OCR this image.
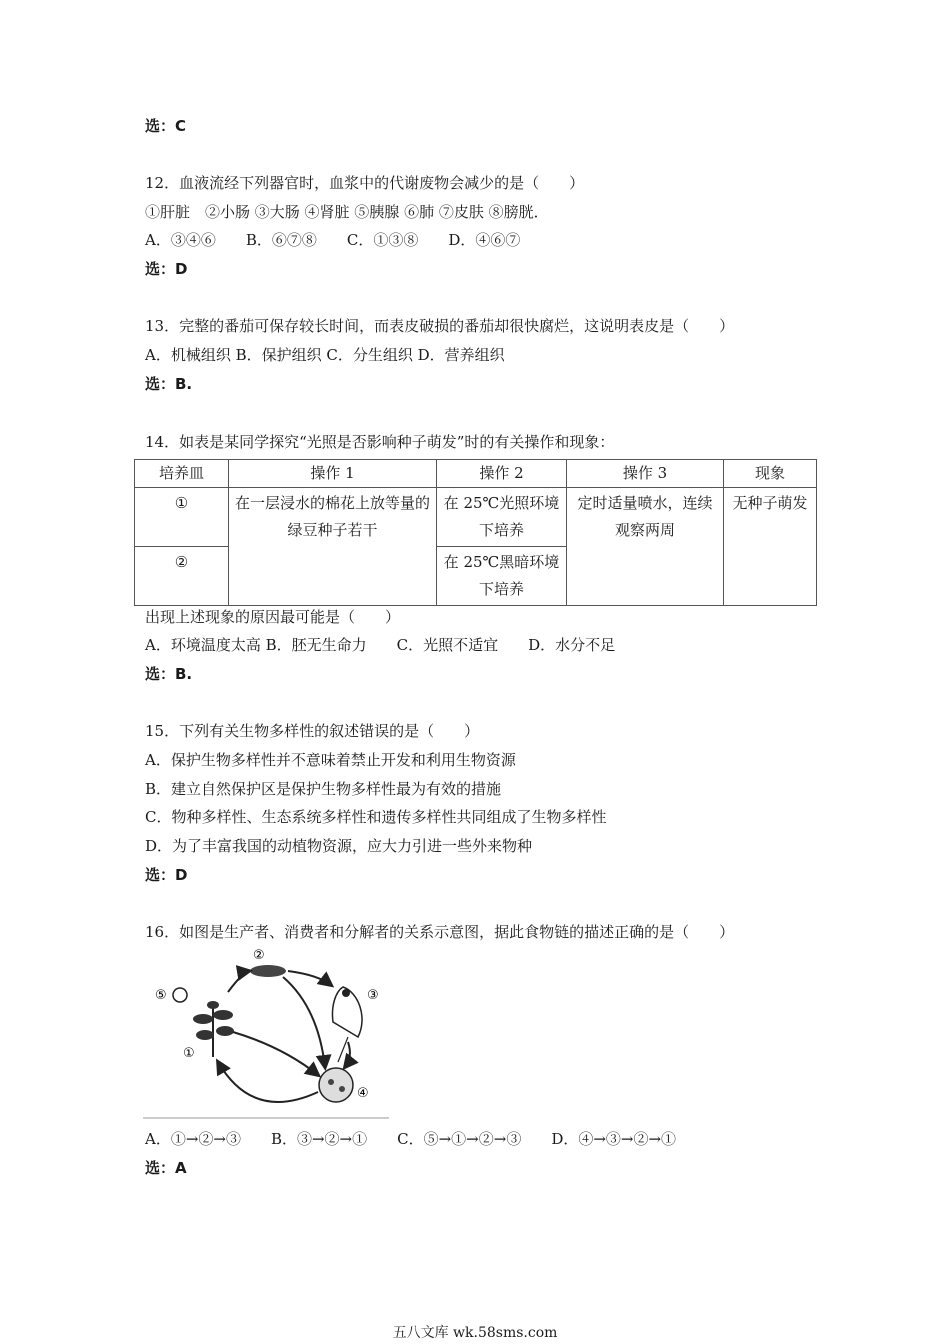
选：C
12．血液流经下列器官时，血浆中的代谢废物会减少的是（　　）
①肝脏　②小肠 ③大肠 ④肾脏 ⑤胰腺 ⑥肺 ⑦皮肤 ⑧膀胱．
A．③④⑥　　B．⑥⑦⑧　　C．①③⑧　　D．④⑥⑦
选：D
13．完整的番茄可保存较长时间，而表皮破损的番茄却很快腐烂，这说明表皮是（　　）
A．机械组织 B．保护组织 C．分生组织 D．营养组织
选：B.
14．如表是某同学探究“光照是否影响种子萌发”时的有关操作和现象：
培养皿	操作 1	操作 2	操作 3	现象
①	在一层浸水的棉花上放等量的绿豆种子若干	在 25℃光照环境下培养	定时适量喷水，连续观察两周	无种子萌发
②		在 25℃黑暗环境下培养		
出现上述现象的原因最可能是（　　）
A．环境温度太高 B．胚无生命力　　C．光照不适宜　　D．水分不足
选：B.
15．下列有关生物多样性的叙述错误的是（　　）
A．保护生物多样性并不意味着禁止开发和利用生物资源
B．建立自然保护区是保护生物多样性最为有效的措施
C．物种多样性、生态系统多样性和遗传多样性共同组成了生物多样性
D．为了丰富我国的动植物资源，应大力引进一些外来物种
选：D
16．如图是生产者、消费者和分解者的关系示意图，据此食物链的描述正确的是（　　）
⑤
①
②
③
④
A．①→②→③　　B．③→②→①　　C．⑤→①→②→③　　D．④→③→②→①
选：A
五八文库 wk.58sms.com
